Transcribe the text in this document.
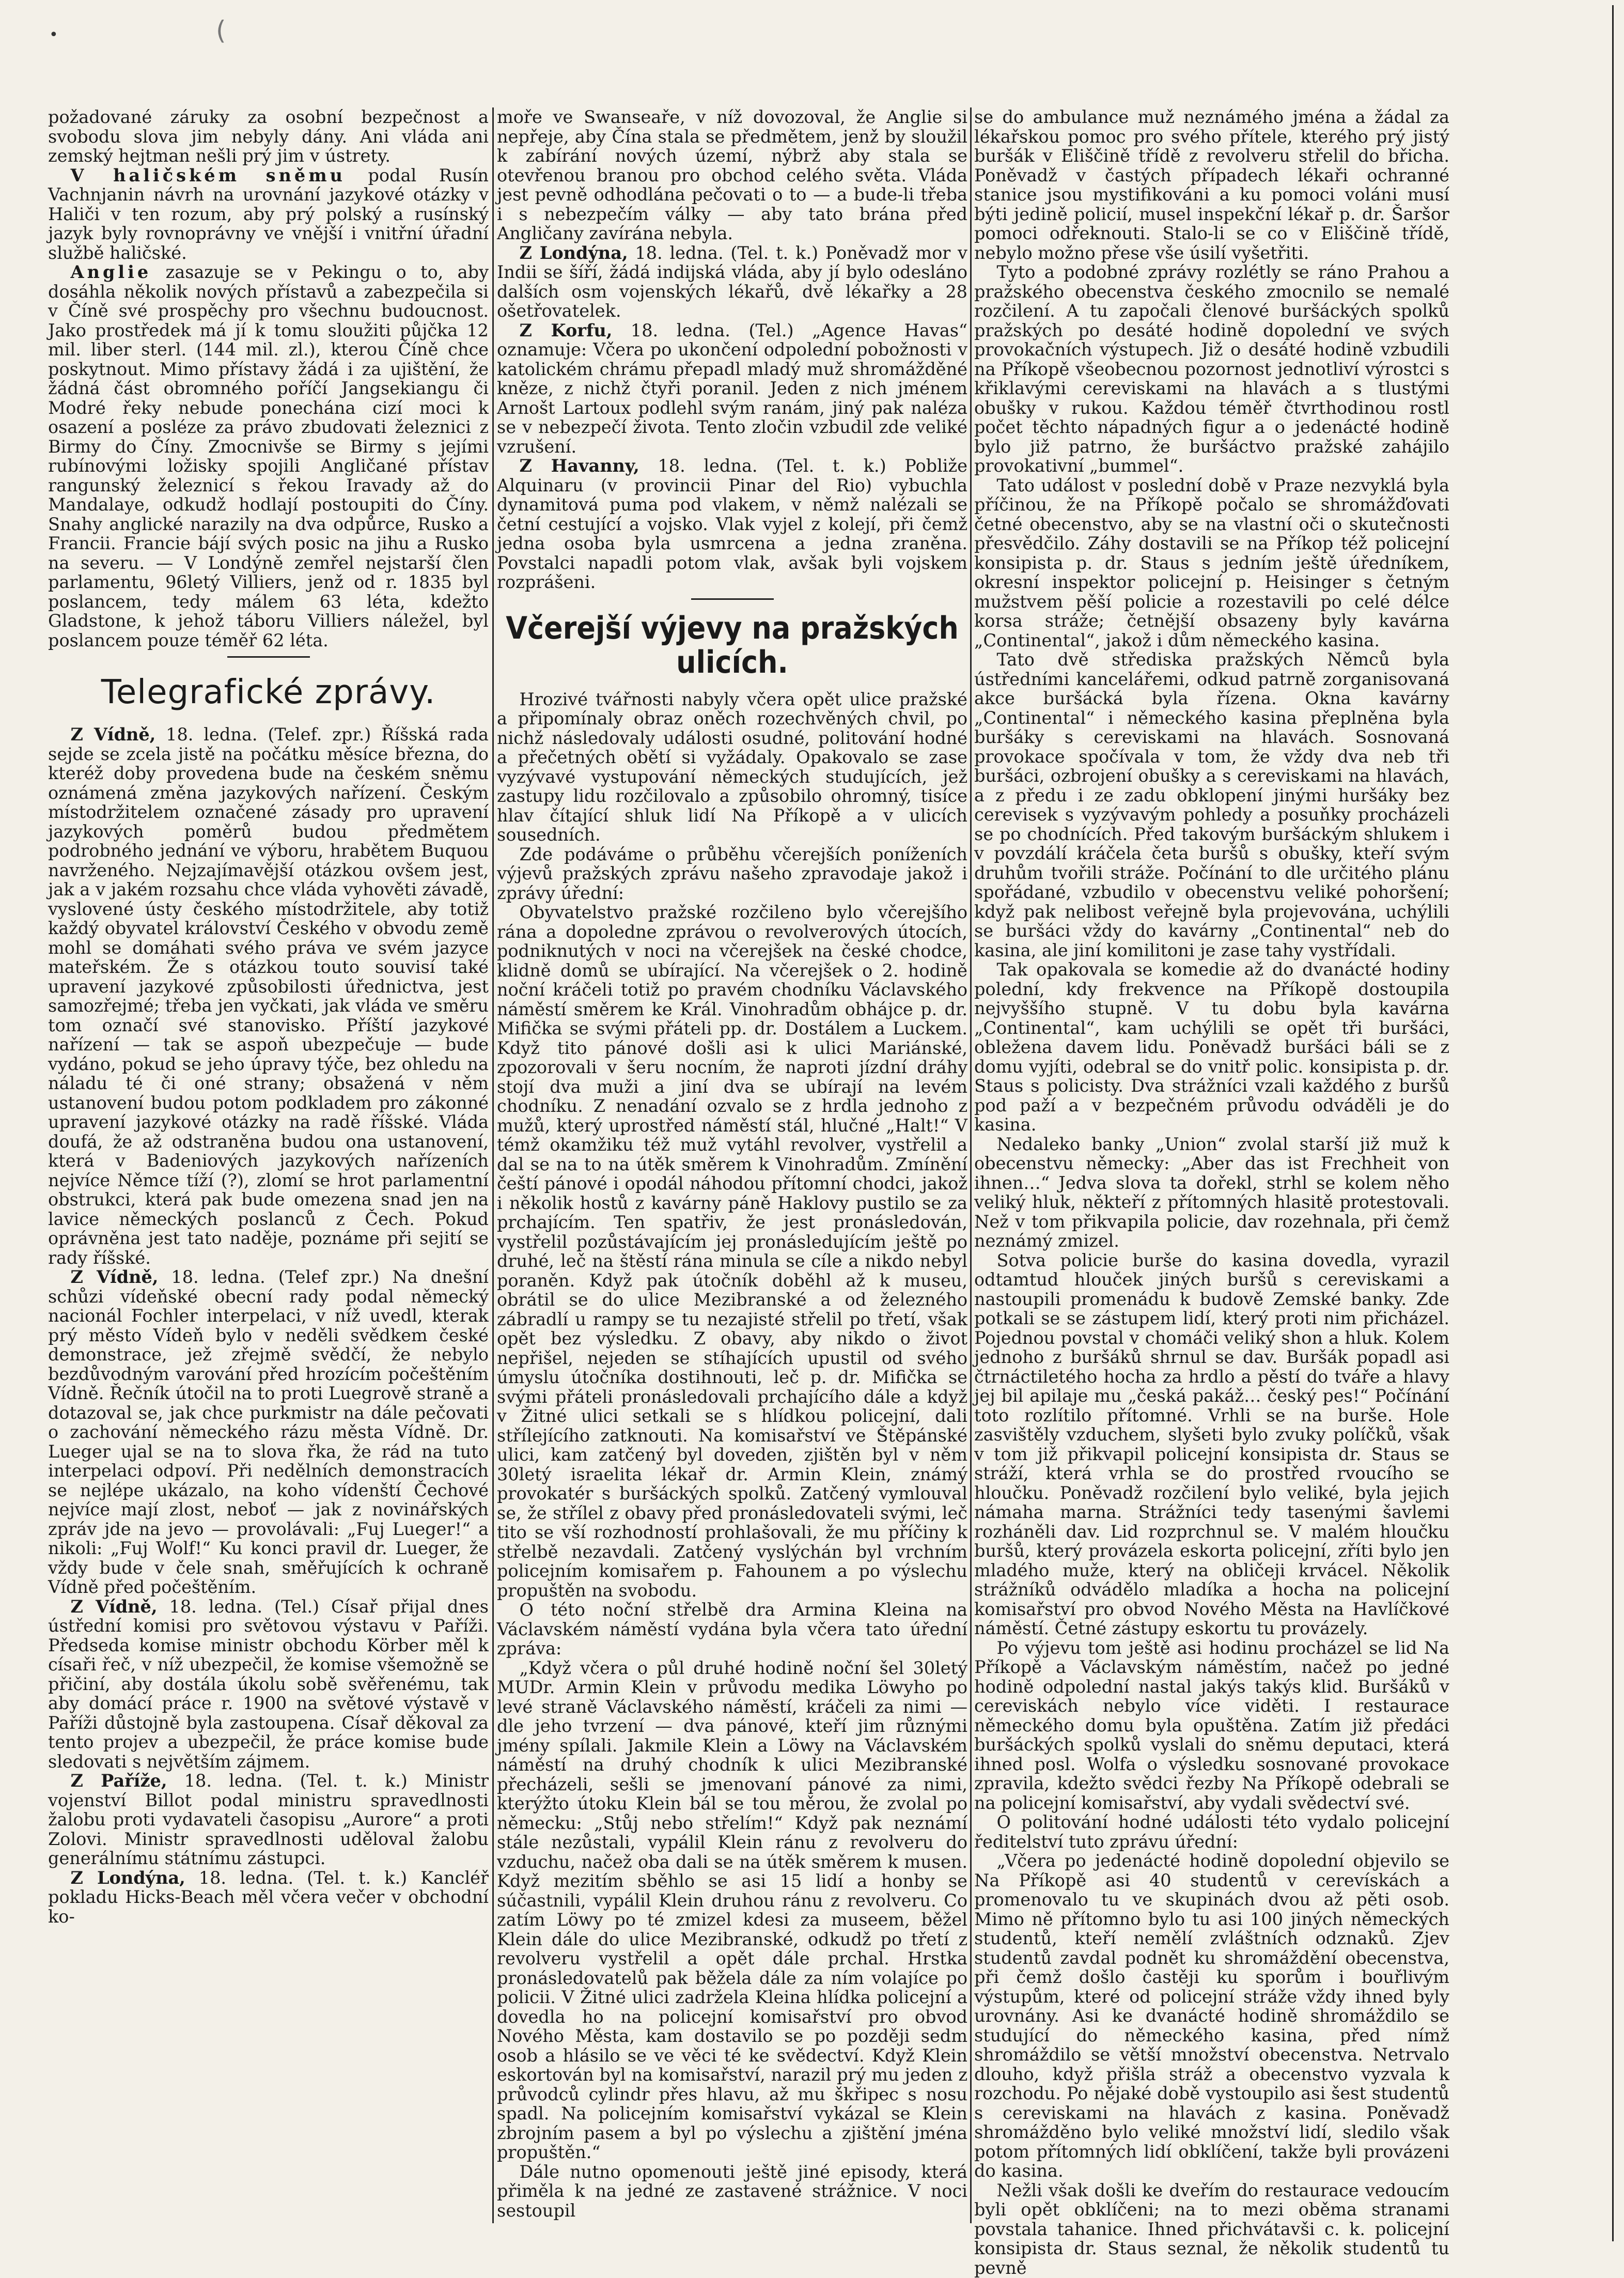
•	(

požadované záruky za osobní bezpečnost a svobodu slova jim nebyly dány. Ani vláda ani zemský hejtman nešli prý jim v ústrety.

V haličském sněmu podal Rusín Vachnjanin návrh na urovnání jazykové otázky v Haliči v ten rozum, aby prý polský a rusínský jazyk byly rovnoprávny ve vnější i vnitřní úřadní službě haličské.

Anglie zasazuje se v Pekingu o to, aby dosáhla několik nových přístavů a zabezpečila si v Číně své prospěchy pro všechnu budoucnost. Jako prostředek má jí k tomu sloužiti půjčka 12 mil. liber sterl. (144 mil. zl.), kterou Číně chce poskytnout. Mimo přístavy žádá i za ujištění, že žádná část obromného poříčí Jangsekiangu či Modré řeky nebude ponechána cizí moci k osazení a posléze za právo zbudovati železnici z Birmy do Číny. Zmocnivše se Birmy s jejími rubínovými ložisky spojili Angličané přístav rangunský železnicí s řekou Iravady až do Mandalaye, odkudž hodlají postoupiti do Číny. Snahy anglické narazily na dva odpůrce, Rusko a Francii. Francie bájí svých posic na jihu a Rusko na severu. — V Londýně zemřel nejstarší člen parlamentu, 96letý Villiers, jenž od r. 1835 byl poslancem, tedy málem 63 léta, kdežto Gladstone, k jehož táboru Villiers náležel, byl poslancem pouze téměř 62 léta.

Telegrafické zprávy.

Z Vídně, 18. ledna. (Telef. zpr.) Říšská rada sejde se zcela jistě na počátku měsíce března, do kteréž doby provedena bude na českém sněmu oznámená změna jazykových nařízení. Českým místodržitelem označené zásady pro upravení jazykových poměrů budou předmětem podrobného jednání ve výboru, hrabětem Buquou navrženého. Nejzajímavější otázkou ovšem jest, jak a v jakém rozsahu chce vláda vyhověti závadě, vyslovené ústy českého místodržitele, aby totiž každý obyvatel království Českého v obvodu země mohl se domáhati svého práva ve svém jazyce mateřském. Že s otázkou touto souvisí také upravení jazykové způsobilosti úřednictva, jest samozřejmé; třeba jen vyčkati, jak vláda ve směru tom označí své stanovisko. Příští jazykové nařízení — tak se aspoň ubezpečuje — bude vydáno, pokud se jeho úpravy týče, bez ohledu na náladu té či oné strany; obsažená v něm ustanovení budou potom podkladem pro zákonné upravení jazykové otázky na radě říšské. Vláda doufá, že až odstraněna budou ona ustanovení, která v Badeniových jazykových nařízeních nejvíce Němce tíží (?), zlomí se hrot parlamentní obstrukci, která pak bude omezena snad jen na lavice německých poslanců z Čech. Pokud oprávněna jest tato naděje, poznáme při sejití se rady říšské.

Z Vídně, 18. ledna. (Telef zpr.) Na dnešní schůzi vídeňské obecní rady podal německý nacionál Fochler interpelaci, v níž uvedl, kterak prý město Vídeň bylo v neděli svědkem české demonstrace, jež zřejmě svědčí, že nebylo bezdůvodným varování před hrozícím počeštěním Vídně. Řečník útočil na to proti Luegrově straně a dotazoval se, jak chce purkmistr na dále pečovati o zachování německého rázu města Vídně. Dr. Lueger ujal se na to slova řka, že rád na tuto interpelaci odpoví. Při nedělních demonstracích se nejlépe ukázalo, na koho vídenští Čechové nejvíce mají zlost, neboť — jak z novinářských zpráv jde na jevo — provolávali: „Fuj Lueger!“ a nikoli: „Fuj Wolf!“ Ku konci pravil dr. Lueger, že vždy bude v čele snah, směřujících k ochraně Vídně před počeštěním.

Z Vídně, 18. ledna. (Tel.) Císař přijal dnes ústřední komisi pro světovou výstavu v Paříži. Předseda komise ministr obchodu Körber měl k císaři řeč, v níž ubezpečil, že komise všemožně se přičiní, aby dostála úkolu sobě svěřenému, tak aby domácí práce r. 1900 na světové výstavě v Paříži důstojně byla zastoupena. Císař děkoval za tento projev a ubezpečil, že práce komise bude sledovati s největším zájmem.

Z Paříže, 18. ledna. (Tel. t. k.) Ministr vojenství Billot podal ministru spravedlnosti žalobu proti vydavateli časopisu „Aurore“ a proti Zolovi. Ministr spravedlnosti uděloval žalobu generálnímu státnímu zástupci.

Z Londýna, 18. ledna. (Tel. t. k.) Kancléř pokladu Hicks-Beach měl včera večer v obchodní ko-

moře ve Swanseaře, v níž dovozoval, že Anglie si nepřeje, aby Čína stala se předmětem, jenž by sloužil k zabírání nových území, nýbrž aby stala se otevřenou branou pro obchod celého světa. Vláda jest pevně odhodlána pečovati o to — a bude-li třeba i s nebezpečím války — aby tato brána před Angličany zavírána nebyla.

Z Londýna, 18. ledna. (Tel. t. k.) Poněvadž mor v Indii se šíří, žádá indijská vláda, aby jí bylo odesláno dalších osm vojenských lékařů, dvě lékařky a 28 ošetřovatelek.

Z Korfu, 18. ledna. (Tel.) „Agence Havas“ oznamuje: Včera po ukončení odpolední pobožnosti v katolickém chrámu přepadl mladý muž shromážděné kněze, z nichž čtyři poranil. Jeden z nich jménem Arnošt Lartoux podlehl svým ranám, jiný pak naléza se v nebezpečí života. Tento zločin vzbudil zde veliké vzrušení.

Z Havanny, 18. ledna. (Tel. t. k.) Pobliže Alquinaru (v provincii Pinar del Rio) vybuchla dynamitová puma pod vlakem, v němž nalézali se četní cestující a vojsko. Vlak vyjel z kolejí, při čemž jedna osoba byla usmrcena a jedna zraněna. Povstalci napadli potom vlak, avšak byli vojskem rozprášeni.

Včerejší výjevy na pražských ulicích.

Hrozivé tvářnosti nabyly včera opět ulice pražské a připomínaly obraz oněch rozechvěných chvil, po nichž následovaly události osudné, politování hodné a přečetných obětí si vyžádaly. Opakovalo se zase vyzývavé vystupování německých studujících, jež zastupy lidu rozčilovalo a způsobilo ohromný, tisíce hlav čítající shluk lidí Na Příkopě a v ulicích sousedních.

Zde podáváme o průběhu včerejších poníženích výjevů pražských zprávu našeho zpravodaje jakož i zprávy úřední:

Obyvatelstvo pražské rozčileno bylo včerejšího rána a dopoledne zprávou o revolverových útocích, podniknutých v noci na včerejšek na české chodce, klidně domů se ubírající. Na včerejšek o 2. hodině noční kráčeli totiž po pravém chodníku Václavského náměstí směrem ke Král. Vinohradům obhájce p. dr. Mifička se svými přáteli pp. dr. Dostálem a Luckem. Když tito pánové došli asi k ulici Mariánské, zpozorovali v šeru nocním, že naproti jízdní dráhy stojí dva muži a jiní dva se ubírají na levém chodníku. Z nenadání ozvalo se z hrdla jednoho z mužů, který uprostřed náměstí stál, hlučné „Halt!“ V témž okamžiku též muž vytáhl revolver, vystřelil a dal se na to na útěk směrem k Vinohradům. Zmínění čeští pánové i opodál náhodou přítomní chodci, jakož i několik hostů z kavárny páně Haklovy pustilo se za prchajícím. Ten spatřiv, že jest pronásledován, vystřelil pozůstávajícím jej pronásledujícím ještě po druhé, leč na štěstí rána minula se cíle a nikdo nebyl poraněn. Když pak útočník doběhl až k museu, obrátil se do ulice Mezibranské a od železného zábradlí u rampy se tu nezajisté střelil po třetí, však opět bez výsledku. Z obavy, aby nikdo o život nepřišel, nejeden se stíhajících upustil od svého úmyslu útočníka dostihnouti, leč p. dr. Mifička se svými přáteli pronásledovali prchajícího dále a když v Žitné ulici setkali se s hlídkou policejní, dali střílejícího zatknouti. Na komisařství ve Štěpánské ulici, kam zatčený byl doveden, zjištěn byl v něm 30letý israelita lékař dr. Armin Klein, známý provokatér s buršáckých spolků. Zatčený vymlouval se, že střílel z obavy před pronásledovateli svými, leč tito se vší rozhodností prohlašovali, že mu příčiny k střelbě nezavdali. Zatčený vyslýchán byl vrchním policejním komisařem p. Fahounem a po výslechu propuštěn na svobodu.

O této noční střelbě dra Armina Kleina na Václavském náměstí vydána byla včera tato úřední zpráva:

„Když včera o půl druhé hodině noční šel 30letý MUDr. Armin Klein v průvodu medika Löwyho po levé straně Václavského náměstí, kráčeli za nimi — dle jeho tvrzení — dva pánové, kteří jim různými jmény spílali. Jakmile Klein a Löwy na Václavském náměstí na druhý chodník k ulici Mezibranské přecházeli, sešli se jmenovaní pánové za nimi, kterýžto útoku Klein bál se tou měrou, že zvolal po německu: „Stůj nebo střelím!“ Když pak neznámí stále nezůstali, vypálil Klein ránu z revolveru do vzduchu, načež oba dali se na útěk směrem k musen. Když mezitím sběhlo se asi 15 lidí a honby se súčastnili, vypálil Klein druhou ránu z revolveru. Co zatím Löwy po té zmizel kdesi za museem, běžel Klein dále do ulice Mezibranské, odkudž po třetí z revolveru vystřelil a opět dále prchal. Hrstka pronásledovatelů pak běžela dále za ním volajíce po policii. V Žitné ulici zadržela Kleina hlídka policejní a dovedla ho na policejní komisařství pro obvod Nového Města, kam dostavilo se po později sedm osob a hlásilo se ve věci té ke svědectví. Když Klein eskortován byl na komisařství, narazil prý mu jeden z průvodců cylindr přes hlavu, až mu škřipec s nosu spadl. Na policejním komisařství vykázal se Klein zbrojním pasem a byl po výslechu a zjištění jména propuštěn.“

Dále nutno opomenouti ještě jiné episody, která přiměla k na jedné ze zastavené strážnice. V noci sestoupil

se do ambulance muž neznámého jména a žádal za lékařskou pomoc pro svého přítele, kterého prý jistý buršák v Eliščině třídě z revolveru střelil do břicha. Poněvadž v častých případech lékaři ochranné stanice jsou mystifikováni a ku pomoci voláni musí býti jedině policií, musel inspekční lékař p. dr. Šaršor pomoci odřeknouti. Stalo-li se co v Eliščině třídě, nebylo možno přese vše úsilí vyšetřiti.

Tyto a podobné zprávy rozlétly se ráno Prahou a pražského obecenstva českého zmocnilo se nemalé rozčilení. A tu započali členové buršáckých spolků pražských po desáté hodině dopolední ve svých provokačních výstupech. Již o desáté hodině vzbudili na Příkopě všeobecnou pozornost jednotliví výrostci s křiklavými cereviskami na hlavách a s tlustými obušky v rukou. Každou téměř čtvrthodinou rostl počet těchto nápadných figur a o jedenácté hodině bylo již patrno, že buršáctvo pražské zahájilo provokativní „bummel“.

Tato událost v poslední době v Praze nezvyklá byla příčinou, že na Příkopě počalo se shromážďovati četné obecenstvo, aby se na vlastní oči o skutečnosti přesvědčilo. Záhy dostavili se na Příkop též policejní konsipista p. dr. Staus s jedním ještě úředníkem, okresní inspektor policejní p. Heisinger s četným mužstvem pěší policie a rozestavili po celé délce korsa stráže; četnější obsazeny byly kavárna „Continental“, jakož i dům německého kasina.

Tato dvě střediska pražských Němců byla ústředními kancelářemi, odkud patrně zorganisovaná akce buršácká byla řízena. Okna kavárny „Continental“ i německého kasina přeplněna byla buršáky s cereviskami na hlavách. Sosnovaná provokace spočívala v tom, že vždy dva neb tři buršáci, ozbrojení obušky a s cereviskami na hlavách, a z předu i ze zadu obklopení jinými huršáky bez cerevisek s vyzývavým pohledy a posuňky procházeli se po chodnících. Před takovým buršáckým shlukem i v povzdálí kráčela četa buršů s obušky, kteří svým druhům tvořili stráže. Počínání to dle určitého plánu spořádané, vzbudilo v obecenstvu veliké pohoršení; když pak nelibost veřejně byla projevována, uchýlili se buršáci vždy do kavárny „Continental“ neb do kasina, ale jiní komilitoni je zase tahy vystřídali.

Tak opakovala se komedie až do dvanácté hodiny polední, kdy frekvence na Příkopě dostoupila nejvyššího stupně. V tu dobu byla kavárna „Continental“, kam uchýlili se opět tři buršáci, obležena davem lidu. Poněvadž buršáci báli se z domu vyjíti, odebral se do vnitř polic. konsipista p. dr. Staus s policisty. Dva strážníci vzali každého z buršů pod paží a v bezpečném průvodu odváděli je do kasina.

Nedaleko banky „Union“ zvolal starší již muž k obecenstvu německy: „Aber das ist Frechheit von ihnen…“ Jedva slova ta dořekl, strhl se kolem něho veliký hluk, někteří z přítomných hlasitě protestovali. Než v tom přikvapila policie, dav rozehnala, při čemž neznámý zmizel.

Sotva policie burše do kasina dovedla, vyrazil odtamtud hlouček jiných buršů s cereviskami a nastoupili promenádu k budově Zemské banky. Zde potkali se se zástupem lidí, který proti nim přicházel. Pojednou povstal v chomáči veliký shon a hluk. Kolem jednoho z buršáků shrnul se dav. Buršák popadl asi čtrnáctiletého hocha za hrdlo a pěstí do tváře a hlavy jej bil apilaje mu „česká pakáž… český pes!“ Počínání toto rozlítilo přítomné. Vrhli se na burše. Hole zasvištěly vzduchem, slyšeti bylo zvuky políčků, však v tom již přikvapil policejní konsipista dr. Staus se stráží, která vrhla se do prostřed rvoucího se hloučku. Poněvadž rozčilení bylo veliké, byla jejich námaha marna. Strážníci tedy tasenými šavlemi rozháněli dav. Lid rozprchnul se. V malém hloučku buršů, který provázela eskorta policejní, zříti bylo jen mladého muže, který na obličeji krvácel. Několik strážníků odvádělo mladíka a hocha na policejní komisařství pro obvod Nového Města na Havlíčkové náměstí. Četné zástupy eskortu tu provázely.

Po výjevu tom ještě asi hodinu procházel se lid Na Příkopě a Václavským náměstím, načež po jedné hodině odpolední nastal jakýs takýs klid. Buršáků v cereviskách nebylo více viděti. I restaurace německého domu byla opuštěna. Zatím již předáci buršáckých spolků vyslali do sněmu deputaci, která ihned posl. Wolfa o výsledku sosnované provokace zpravila, kdežto svědci řezby Na Příkopě odebrali se na policejní komisařství, aby vydali svědectví své.

O politování hodné události této vydalo policejní ředitelství tuto zprávu úřední:

„Včera po jedenácté hodině dopolední objevilo se Na Příkopě asi 40 studentů v cerevískách a promenovalo tu ve skupinách dvou až pěti osob. Mimo ně přítomno bylo tu asi 100 jiných německých studentů, kteří nemělí zvláštních odznaků. Zjev studentů zavdal podnět ku shromáždění obecenstva, při čemž došlo častěji ku sporům i bouřlivým výstupům, které od policejní stráže vždy ihned byly urovnány. Asi ke dvanácté hodině shromáždilo se studující do německého kasina, před nímž shromáždilo se větší množství obecenstva. Netrvalo dlouho, když přišla stráž a obecenstvo vyzvala k rozchodu. Po nějaké době vystoupilo asi šest studentů s cereviskami na hlavách z kasina. Poněvadž shromážděno bylo veliké množství lidí, sledilo však potom přítomných lidí obklíčení, takže byli provázeni do kasina.

Nežli však došli ke dveřím do restaurace vedoucím byli opět obklíčeni; na to mezi oběma stranami povstala tahanice. Ihned přichvátavši c. k. policejní konsipista dr. Staus seznal, že několik studentů tu pevně
